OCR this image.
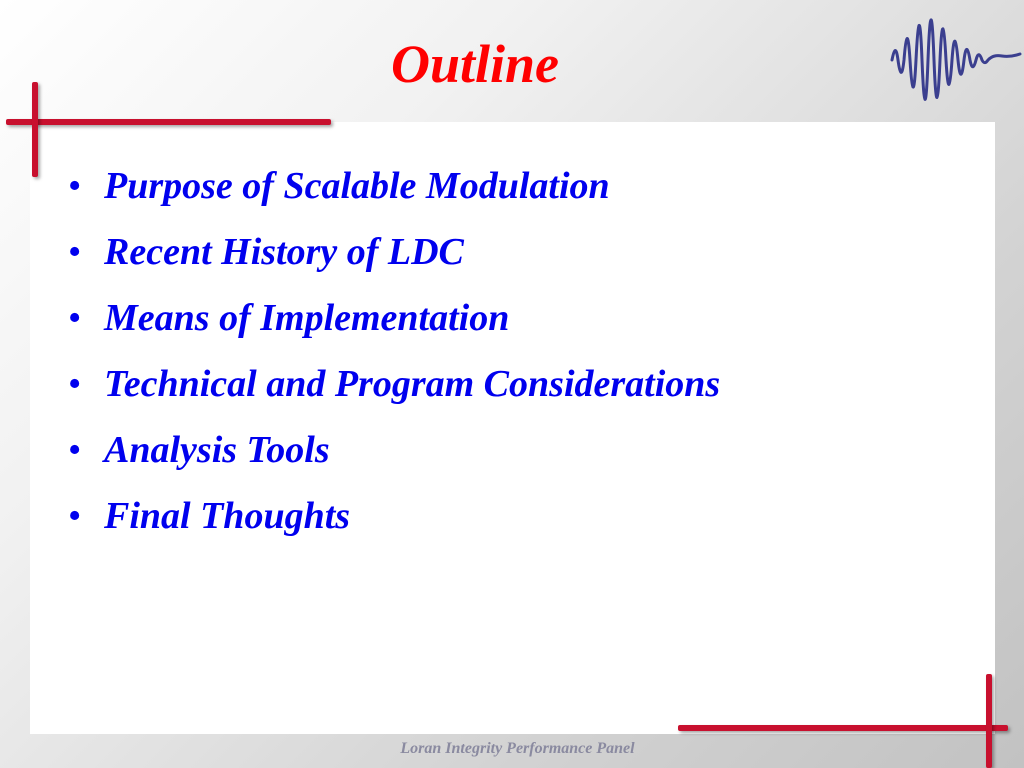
Outline
• Purpose of Scalable Modulation
• Recent History of LDC
• Means of Implementation
• Technical and Program Considerations
• Analysis Tools
• Final Thoughts
Loran Integrity Performance Panel
